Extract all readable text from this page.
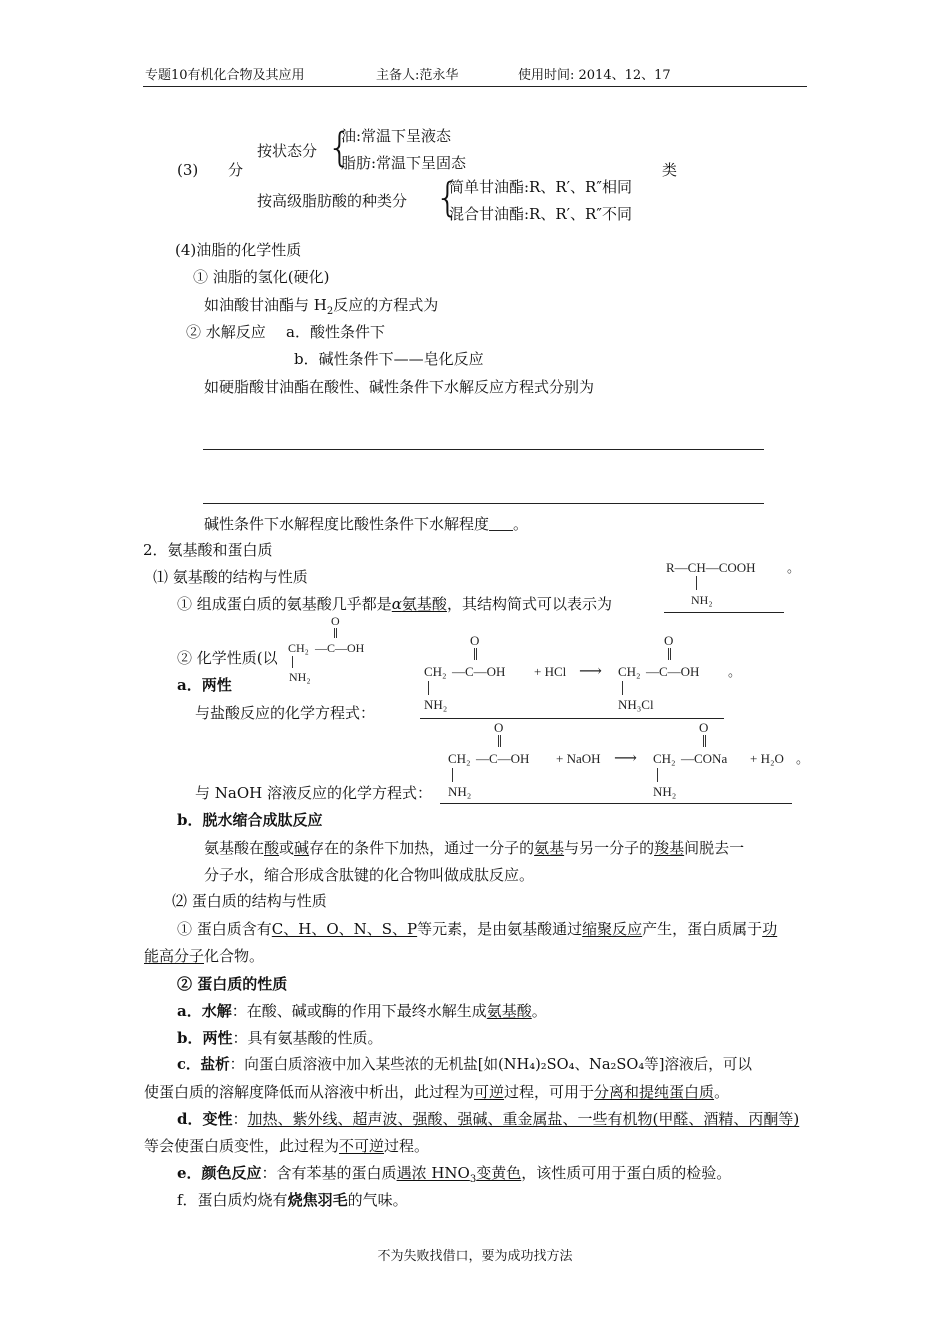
专题10有机化合物及其应用	主备人:范永华	使用时间: 2014、12、17
(3) 分
按状态分 {
油:常温下呈液态
脂肪:常温下呈固态	类
按高级脂肪酸的种类分 {
简单甘油酯:R、R′、R″相同
混合甘油酯:R、R′、R″不同
(4)油脂的化学性质
① 油脂的氢化(硬化)
如油酸甘油酯与 $H_2$反应的方程式为
② 水解反应 a．酸性条件下
b．碱性条件下——皂化反应
如硬脂酸甘油酯在酸性、碱性条件下水解反应方程式分别为
碱性条件下水解程度比酸性条件下水解程度 。
2．氨基酸和蛋白质
⑴ 氨基酸的结构与性质
R—CH—COOH 。
NH₂
① 组成蛋白质的氨基酸几乎都是α氨基酸，其结构简式可以表示为
O
CH₂ —C—OH
NH₂
② 化学性质(以
a．两性
与盐酸反应的化学方程式：
O
CH₂ —C—OH + HCl ⟶
O
CH₂ —C—OH 。
NH₂	NH₃Cl
O
CH₂ —C—OH + NaOH ⟶
O
CH₂ —CONa + H₂O 。
NH₂	NH₂
与 NaOH 溶液反应的化学方程式：
b．脱水缩合成肽反应
氨基酸在酸或碱存在的条件下加热，通过一分子的氨基与另一分子的羧基间脱去一
分子水，缩合形成含肽键的化合物叫做成肽反应。
⑵ 蛋白质的结构与性质
① 蛋白质含有C、H、O、N、S、P等元素，是由氨基酸通过缩聚反应产生，蛋白质属于功
能高分子化合物。
② 蛋白质的性质
a．水解：在酸、碱或酶的作用下最终水解生成氨基酸。
b．两性：具有氨基酸的性质。
c．盐析：向蛋白质溶液中加入某些浓的无机盐[如(NH₄)₂SO₄、Na₂SO₄等]溶液后，可以
使蛋白质的溶解度降低而从溶液中析出，此过程为可逆过程，可用于分离和提纯蛋白质。
d．变性：加热、紫外线、超声波、强酸、强碱、重金属盐、一些有机物(甲醛、酒精、丙酮等)
等会使蛋白质变性，此过程为不可逆过程。
e．颜色反应：含有苯基的蛋白质遇浓 $HNO_3$变黄色，该性质可用于蛋白质的检验。
f．蛋白质灼烧有烧焦羽毛的气味。
不为失败找借口，要为成功找方法
